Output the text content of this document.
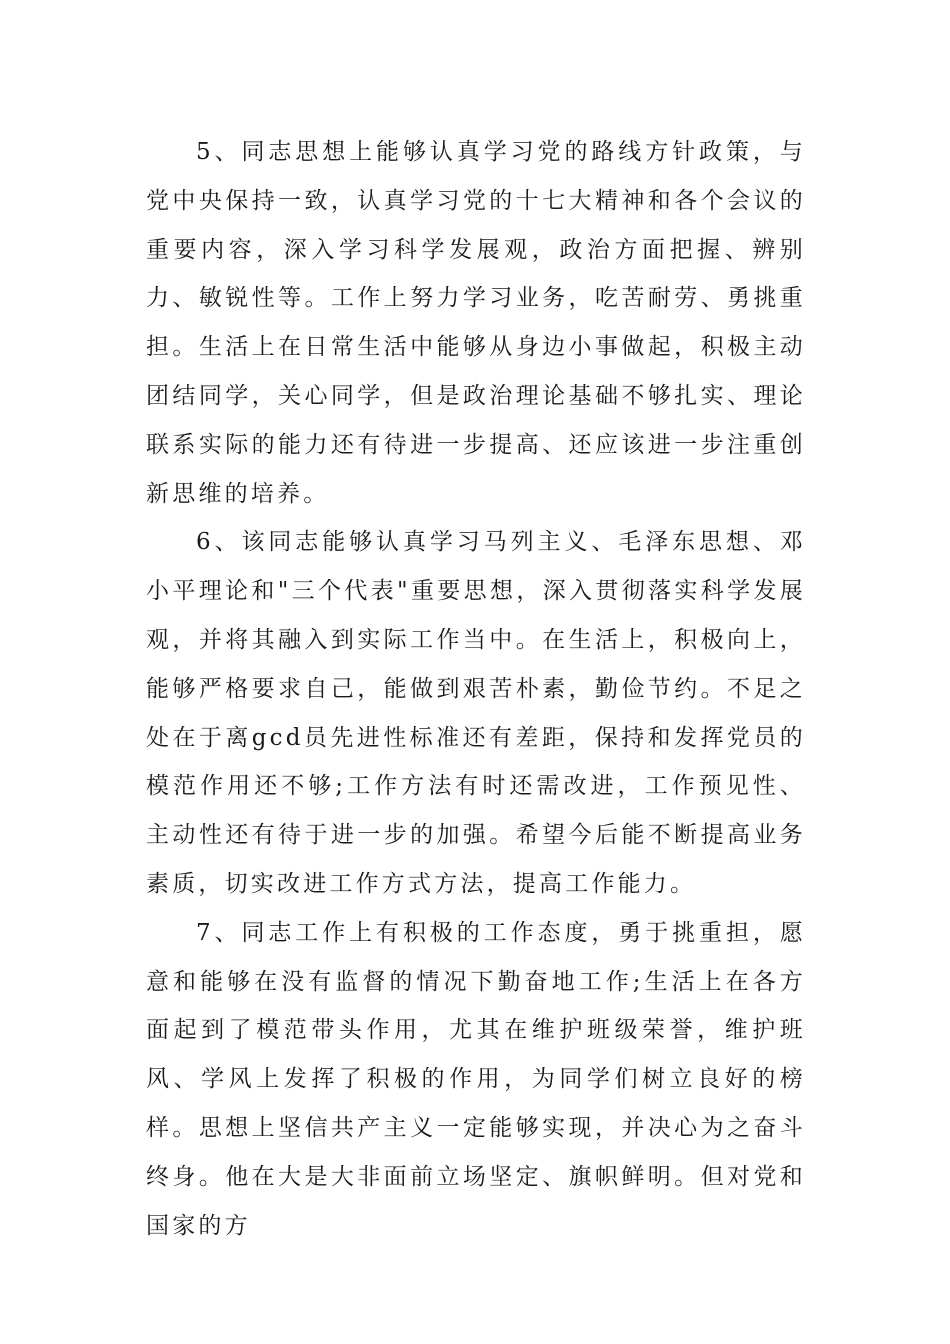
5、同志思想上能够认真学习党的路线方针政策，与党中央保持一致，认真学习党的十七大精神和各个会议的重要内容，深入学习科学发展观，政治方面把握、辨别力、敏锐性等。工作上努力学习业务，吃苦耐劳、勇挑重担。生活上在日常生活中能够从身边小事做起，积极主动团结同学，关心同学，但是政治理论基础不够扎实、理论联系实际的能力还有待进一步提高、还应该进一步注重创新思维的培养。

6、该同志能够认真学习马列主义、毛泽东思想、邓小平理论和"三个代表"重要思想，深入贯彻落实科学发展观，并将其融入到实际工作当中。在生活上，积极向上，能够严格要求自己，能做到艰苦朴素，勤俭节约。不足之处在于离gcd员先进性标准还有差距，保持和发挥党员的模范作用还不够;工作方法有时还需改进，工作预见性、主动性还有待于进一步的加强。希望今后能不断提高业务素质，切实改进工作方式方法，提高工作能力。

7、同志工作上有积极的工作态度，勇于挑重担，愿意和能够在没有监督的情况下勤奋地工作;生活上在各方面起到了模范带头作用，尤其在维护班级荣誉，维护班风、学风上发挥了积极的作用，为同学们树立良好的榜样。思想上坚信共产主义一定能够实现，并决心为之奋斗终身。他在大是大非面前立场坚定、旗帜鲜明。但对党和国家的方
